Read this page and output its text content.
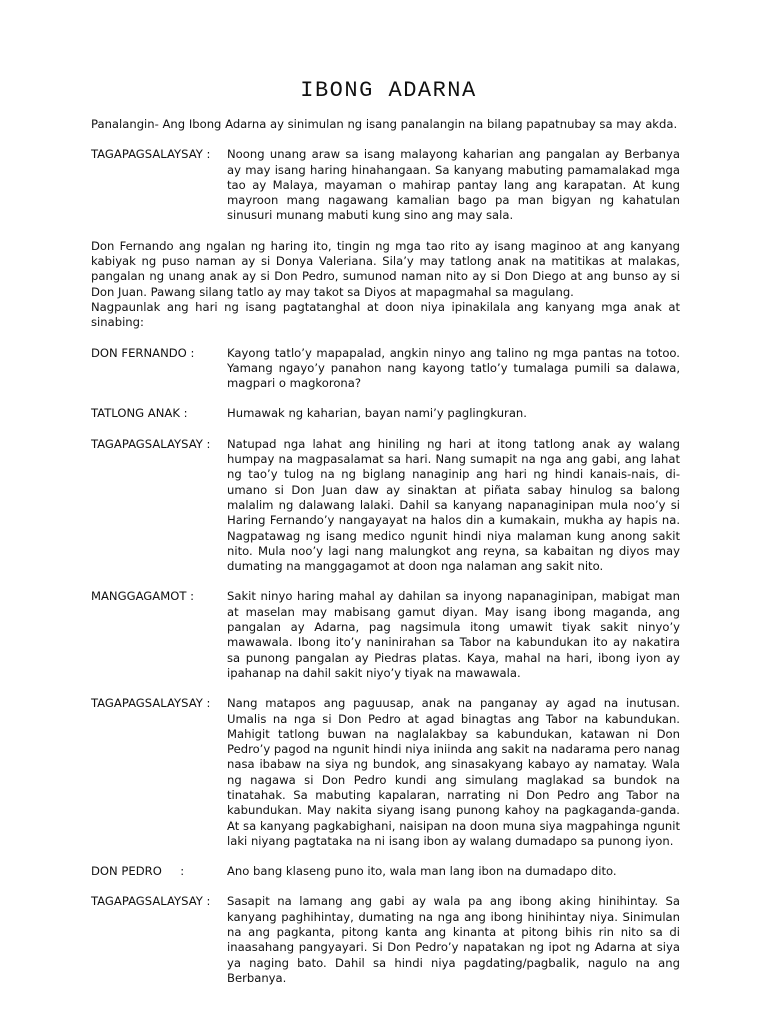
IBONG ADARNA

Panalangin- Ang Ibong Adarna ay sinimulan ng isang panalangin na bilang papatnubay sa may akda.

TAGAPAGSALAYSAY :	Noong unang araw sa isang malayong kaharian ang pangalan ay Berbanya ay may isang haring hinahangaan. Sa kanyang mabuting pamamalakad mga tao ay Malaya, mayaman o mahirap pantay lang ang karapatan. At kung mayroon mang nagawang kamalian bago pa man bigyan ng kahatulan sinusuri munang mabuti kung sino ang may sala.

Don Fernando ang ngalan ng haring ito, tingin ng mga tao rito ay isang maginoo at ang kanyang kabiyak ng puso naman ay si Donya Valeriana. Sila’y may tatlong anak na matitikas at malakas, pangalan ng unang anak ay si Don Pedro, sumunod naman nito ay si Don Diego at ang bunso ay si Don Juan. Pawang silang tatlo ay may takot sa Diyos at mapagmahal sa magulang.

Nagpaunlak ang hari ng isang pagtatanghal at doon niya ipinakilala ang kanyang mga anak at sinabing:

DON FERNANDO :	Kayong tatlo’y mapapalad, angkin ninyo ang talino ng mga pantas na totoo. Yamang ngayo’y panahon nang kayong tatlo’y tumalaga pumili sa dalawa, magpari o magkorona?
TATLONG ANAK :	Humawak ng kaharian, bayan nami’y paglingkuran.
TAGAPAGSALAYSAY :	Natupad nga lahat ang hiniling ng hari at itong tatlong anak ay walang humpay na magpasalamat sa hari. Nang sumapit na nga ang gabi, ang lahat ng tao’y tulog na ng biglang nanaginip ang hari ng hindi kanais-nais, di-umano si Don Juan daw ay sinaktan at piñata sabay hinulog sa balong malalim ng dalawang lalaki. Dahil sa kanyang napanaginipan mula noo’y si Haring Fernando’y nangayayat na halos din a kumakain, mukha ay hapis na. Nagpatawag ng isang medico ngunit hindi niya malaman kung anong sakit nito. Mula noo’y lagi nang malungkot ang reyna, sa kabaitan ng diyos may dumating na manggagamot at doon nga nalaman ang sakit nito.
MANGGAGAMOT :	Sakit ninyo haring mahal ay dahilan sa inyong napanaginipan, mabigat man at maselan may mabisang gamut diyan. May isang ibong maganda, ang pangalan ay Adarna, pag nagsimula itong umawit tiyak sakit ninyo’y mawawala. Ibong ito’y naninirahan sa Tabor na kabundukan ito ay nakatira sa punong pangalan ay Piedras platas. Kaya, mahal na hari, ibong iyon ay ipahanap na dahil sakit niyo’y tiyak na mawawala.
TAGAPAGSALAYSAY :	Nang matapos ang paguusap, anak na panganay ay agad na inutusan. Umalis na nga si Don Pedro at agad binagtas ang Tabor na kabundukan. Mahigit tatlong buwan na naglalakbay sa kabundukan, katawan ni Don Pedro’y pagod na ngunit hindi niya iniinda ang sakit na nadarama pero nanag nasa ibabaw na siya ng bundok, ang sinasakyang kabayo ay namatay. Wala ng nagawa si Don Pedro kundi ang simulang maglakad sa bundok na tinatahak. Sa mabuting kapalaran, narrating ni Don Pedro ang Tabor na kabundukan. May nakita siyang isang punong kahoy na pagkaganda-ganda. At sa kanyang pagkabighani, naisipan na doon muna siya magpahinga ngunit laki niyang pagtataka na ni isang ibon ay walang dumadapo sa punong iyon.
DON PEDRO     :	Ano bang klaseng puno ito, wala man lang ibon na dumadapo dito.
TAGAPAGSALAYSAY :	Sasapit na lamang ang gabi ay wala pa ang ibong aking hinihintay. Sa kanyang paghihintay, dumating na nga ang ibong hinihintay niya. Sinimulan na ang pagkanta, pitong kanta ang kinanta at pitong bihis rin nito sa di inaasahang pangyayari. Si Don Pedro’y napatakan ng ipot ng Adarna at siya ya naging bato. Dahil sa hindi niya pagdating/pagbalik, nagulo na ang Berbanya.
